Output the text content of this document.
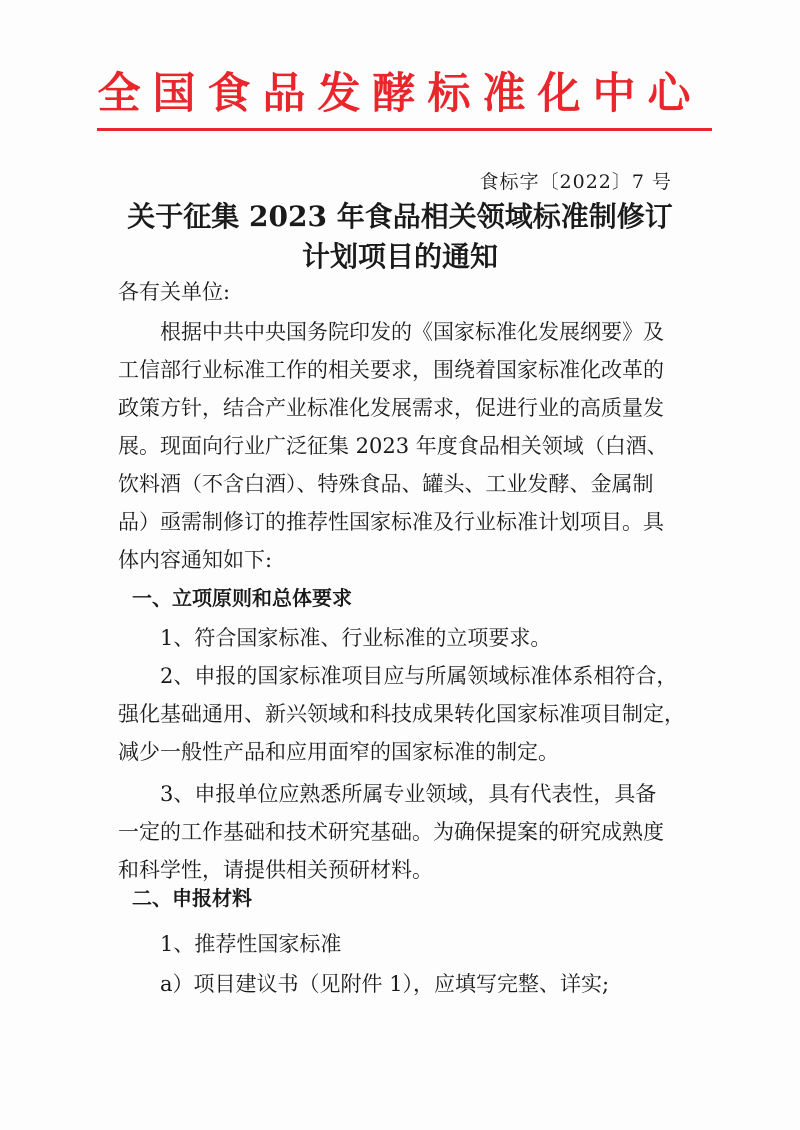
全国食品发酵标准化中心
食标字〔2022〕7 号
关于征集 2023 年食品相关领域标准制修订
计划项目的通知
各有关单位:
根据中共中央国务院印发的《国家标准化发展纲要》及
工信部行业标准工作的相关要求，围绕着国家标准化改革的
政策方针，结合产业标准化发展需求，促进行业的高质量发
展。现面向行业广泛征集 2023 年度食品相关领域（白酒、
饮料酒（不含白酒）、特殊食品、罐头、工业发酵、金属制
品）亟需制修订的推荐性国家标准及行业标准计划项目。具
体内容通知如下:
一、立项原则和总体要求
1、符合国家标准、行业标准的立项要求。
2、申报的国家标准项目应与所属领域标准体系相符合，
强化基础通用、新兴领域和科技成果转化国家标准项目制定，
减少一般性产品和应用面窄的国家标准的制定。
3、申报单位应熟悉所属专业领域，具有代表性，具备
一定的工作基础和技术研究基础。为确保提案的研究成熟度
和科学性，请提供相关预研材料。
二、申报材料
1、推荐性国家标准
a）项目建议书（见附件 1），应填写完整、详实;
